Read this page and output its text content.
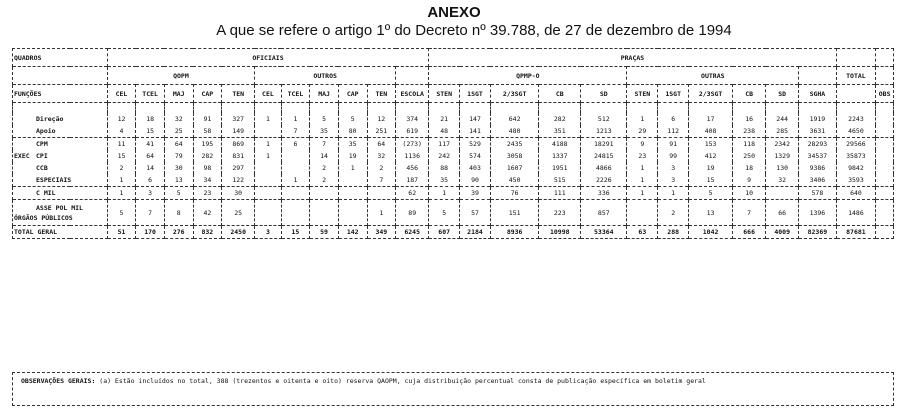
ANEXO
A que se refere o artigo 1º do Decreto nº 39.788, de 27 de dezembro de 1994
QUADROS	OFICIAIS											PRAÇAS												
	QOPM					OUTROS						QPMP-O					OUTRAS						TOTAL	
FUNÇÕES	CEL	TCEL	MAJ	CAP	TEN	CEL	TCEL	MAJ	CAP	TEN	ESCOLA	STEN	1SGT	2/3SGT	CB	SD	STEN	1SGT	2/3SGT	CB	SD	SGHA		OBS

Direção	12	18	32	91	327	1	1	5	5	12	374	21	147	642	282	512	1	6	17	16	244	1919	2243	
Apoio	4	15	25	58	149		7	35	80	251	619	48	141	480	351	1213	29	112	408	238	285	3631	4650	
CPM	11	41	64	195	869	1	6	7	35	64	(273)	117	529	2435	4188	18291	9	91	153	118	2342	28293	29566	
EXEC CPI	15	64	79	282	831	1		14	19	32	1136	242	574	3058	1337	24815	23	99	412	250	1329	34537	35873	
CCB	2	14	30	98	297			2	1	2	456	88	403	1607	1951	4866	1	3	19	18	130	9386	9842	
ESPECIAIS	1	6	13	34	122		1	2		7	187	35	90	450	515	2226	1	3	15	9	32	3406	3593	
C MIL	1	3	5	23	30						62	1	39	76	111	336	1	1	5	10		578	640	
ASSE POL MIL
ÓRGÃOS PÚBLICOS	5	7	8	42	25					1	89	5	57	151	223	857		2	13	7	66	1396	1486	
TOTAL GERAL	51	170	276	832	2450	3	15	59	142	349	6245	607	2184	8936	10998	53364	63	288	1042	666	4009	82369	87681	
OBSERVAÇÕES GERAIS: (a) Estão incluídos no total, 388 (trezentos e oitenta e oito) reserva QAOPM, cuja distribuição percentual consta de publicação específica em boletim geral
